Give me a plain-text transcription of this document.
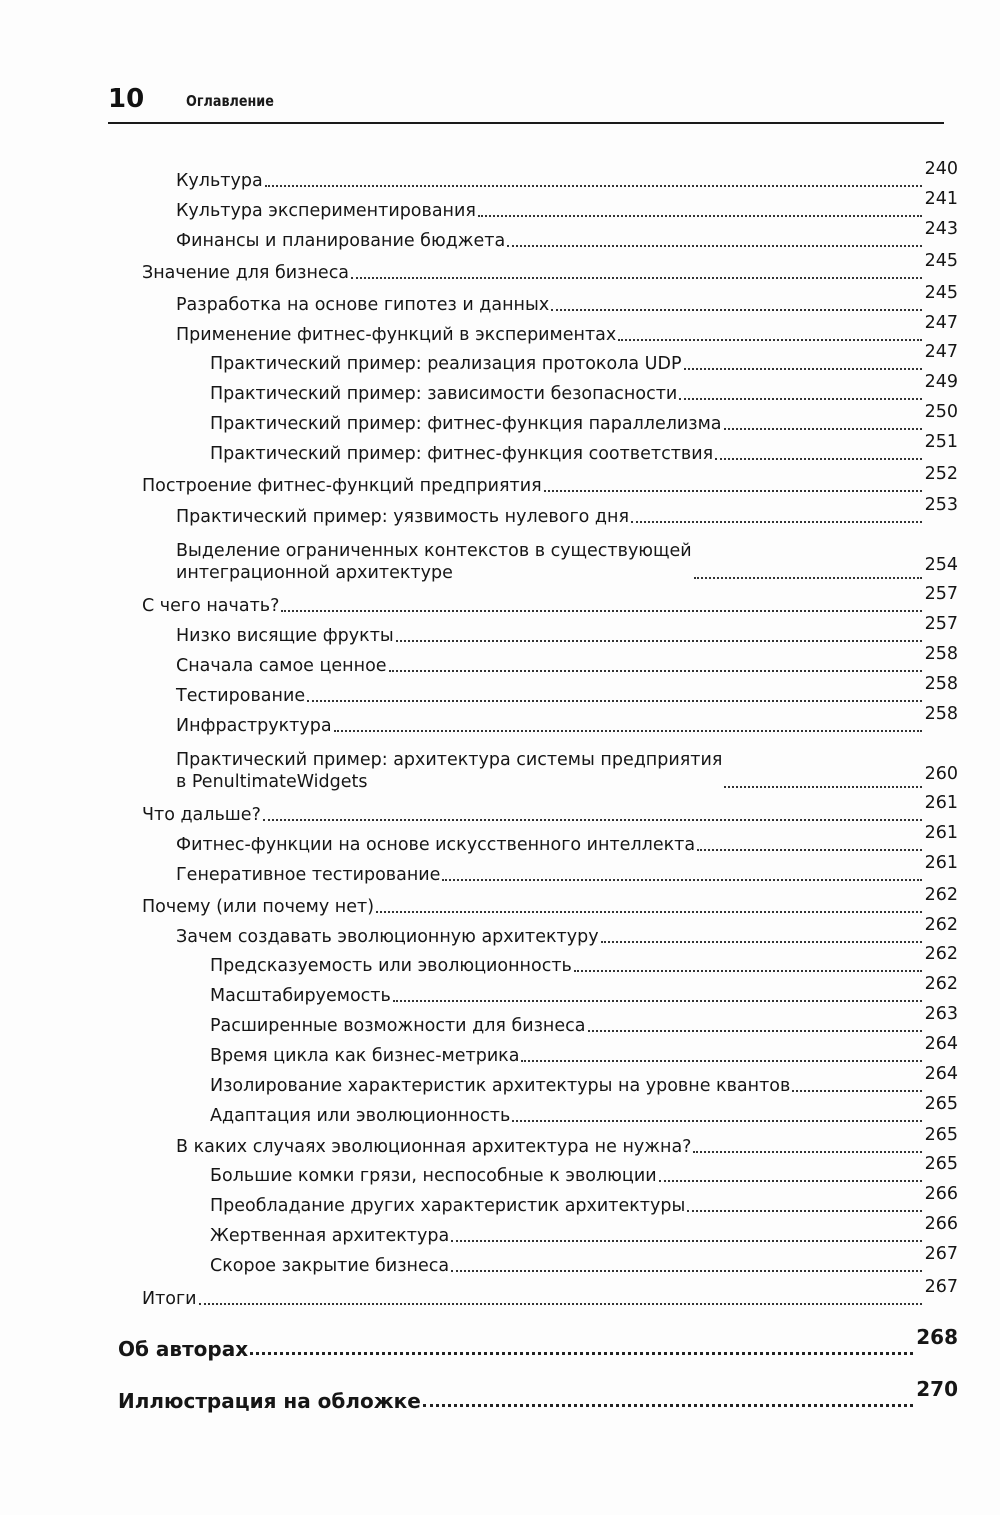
10	Оглавление
Культура
240
Культура экспериментирования
241
Финансы и планирование бюджета
243
Значение для бизнеса
245
Разработка на основе гипотез и данных
245
Применение фитнес-функций в экспериментах
247
Практический пример: реализация протокола UDP
247
Практический пример: зависимости безопасности
249
Практический пример: фитнес-функция параллелизма
250
Практический пример: фитнес-функция соответствия
251
Построение фитнес-функций предприятия
252
Практический пример: уязвимость нулевого дня
253
Выделение ограниченных контекстов в существующей
интеграционной архитектуре	254
С чего начать?
257
Низко висящие фрукты
257
Сначала самое ценное
258
Тестирование
258
Инфраструктура
258
Практический пример: архитектура системы предприятия
в PenultimateWidgets	260
Что дальше?
261
Фитнес-функции на основе искусственного интеллекта
261
Генеративное тестирование
261
Почему (или почему нет)
262
Зачем создавать эволюционную архитектуру
262
Предсказуемость или эволюционность
262
Масштабируемость
262
Расширенные возможности для бизнеса
263
Время цикла как бизнес-метрика
264
Изолирование характеристик архитектуры на уровне квантов
264
Адаптация или эволюционность
265
В каких случаях эволюционная архитектура не нужна?
265
Большие комки грязи, неспособные к эволюции
265
Преобладание других характеристик архитектуры
266
Жертвенная архитектура
266
Скорое закрытие бизнеса
267
Итоги
267
Об авторах	268
Иллюстрация на обложке	270
